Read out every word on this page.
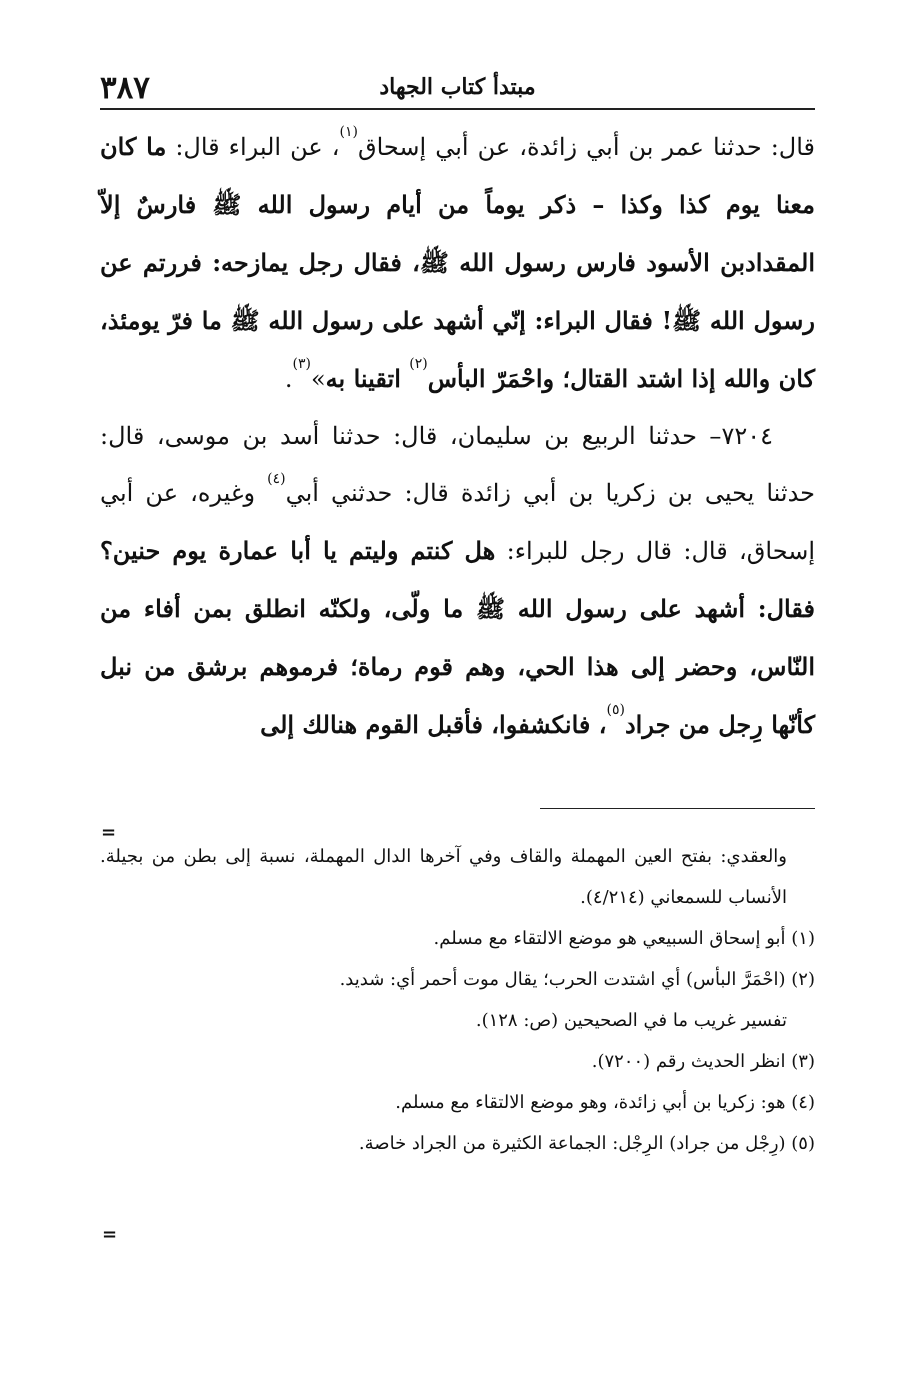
٣٨٧	مبتدأ كتاب الجهاد

قال: حدثنا عمر بن أبي زائدة، عن أبي إسحاق$^{(١)}$، عن البراء قال: ما كان معنا يوم كذا وكذا – ذكر يوماً من أيام رسول الله ﷺ فارسٌ إلاّ المقدادبن الأسود فارس رسول الله ﷺ، فقال رجل يمازحه: فررتم عن رسول الله ﷺ! فقال البراء: إنّي أشهد على رسول الله ﷺ ما فرّ يومئذ، كان والله إذا اشتد القتال؛ واحْمَرّ البأس$^{(٢)}$ اتقينا به»$^{(٣)}$.

٧٢٠٤– حدثنا الربيع بن سليمان، قال: حدثنا أسد بن موسى، قال: حدثنا يحيى بن زكريا بن أبي زائدة قال: حدثني أبي$^{(٤)}$ وغيره، عن أبي إسحاق، قال: قال رجل للبراء: هل كنتم وليتم يا أبا عمارة يوم حنين؟ فقال: أشهد على رسول الله ﷺ ما ولّى، ولكنّه انطلق بمن أفاء من النّاس، وحضر إلى هذا الحي، وهم قوم رماة؛ فرموهم برشق من نبل كأنّها رِجل من جراد$^{(٥)}$، فانكشفوا، فأقبل القوم هنالك إلى

=

والعقدي: بفتح العين المهملة والقاف وفي آخرها الدال المهملة، نسبة إلى بطن من بجيلة. الأنساب للسمعاني (٤/٢١٤).

(١) أبو إسحاق السبيعي هو موضع الالتقاء مع مسلم.

(٢) (احْمَرَّ البأس) أي اشتدت الحرب؛ يقال موت أحمر أي: شديد.

تفسير غريب ما في الصحيحين (ص: ١٢٨).

(٣) انظر الحديث رقم (٧٢٠٠).

(٤) هو: زكريا بن أبي زائدة، وهو موضع الالتقاء مع مسلم.

(٥) (رِجْل من جراد) الرِجْل: الجماعة الكثيرة من الجراد خاصة.

=
